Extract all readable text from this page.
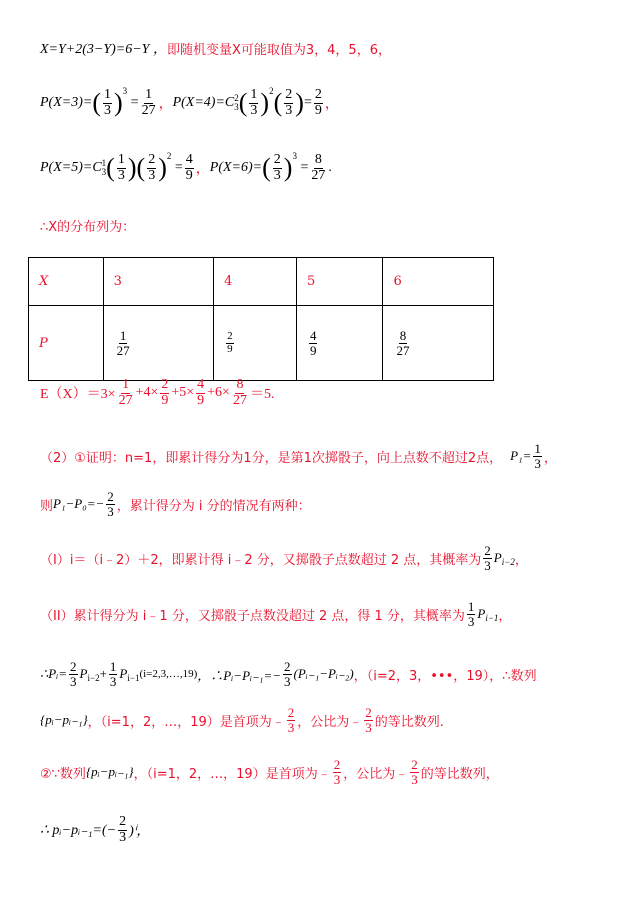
X=Y+2(3−Y)=6−Y ， 即随机变量X可能取值为3，4，5，6，
P(X=3)= ( $\frac{1}{3}$ ) 3
= $\frac{1}{27}$ ， P(X=4)=C 2
3 ( $\frac{1}{3}$ ) 2 ( $\frac{2}{3}$ ) = $\frac{2}{9}$ ，
P(X=5)=C 1
3 ( $\frac{1}{3}$ ) ( $\frac{2}{3}$ ) 2
= $\frac{4}{9}$ ， P(X=6)= ( $\frac{2}{3}$ ) 3
= $\frac{8}{27}$ .
∴X的分布列为：
X	3	4	5	6
P	$\frac{1}{27}$	$\frac{2}{9}$	$\frac{4}{9}$	$\frac{8}{27}$
$E(X)=3\times \frac{1}{27} +4\times \frac{2}{9} +5\times \frac{4}{9} +6\times \frac{8}{27} =5$.
（2）①证明：n=1，即累计得分为1分，是第1次掷骰子，向上点数不超过2点， $P_1= \frac{1}{3}$ ，
则 $P_1-P_0=- \frac{2}{3}$ ，累计得分为 i 分的情况有两种：
（I）i＝（i﹣2）＋2，即累计得 i﹣2 分，又掷骰子点数超过 2 点，其概率为 $\frac{2}{3}$ P i−2 ，
（II）累计得分为 i﹣1 分，又掷骰子点数没超过 2 点，得 1 分，其概率为 $\frac{1}{3}$ P i−1 ，
∴Pᵢ= $\frac{2}{3}$ P $i-2 + \frac{1}{3}$ P i−1 (i=2,3,…,19) ，∴Pᵢ−Pᵢ₋₁=− $\frac{2}{3}$ (Pᵢ₋₁−Pᵢ₋₂) ，（i=2，3，•••，19），∴数列
{pᵢ−pᵢ₋₁} ，（i=1，2，…，19）是首项为﹣ $\frac{2}{3}$ ，公比为﹣ $\frac{2}{3}$ 的等比数列.
②∵数列 {pᵢ−pᵢ₋₁} ，（i=1，2，…，19）是首项为﹣ $\frac{2}{3}$ ，公比为﹣ $\frac{2}{3}$ 的等比数列，
∴ pᵢ−pᵢ₋₁=(− $\frac{2}{3} )^i$，
